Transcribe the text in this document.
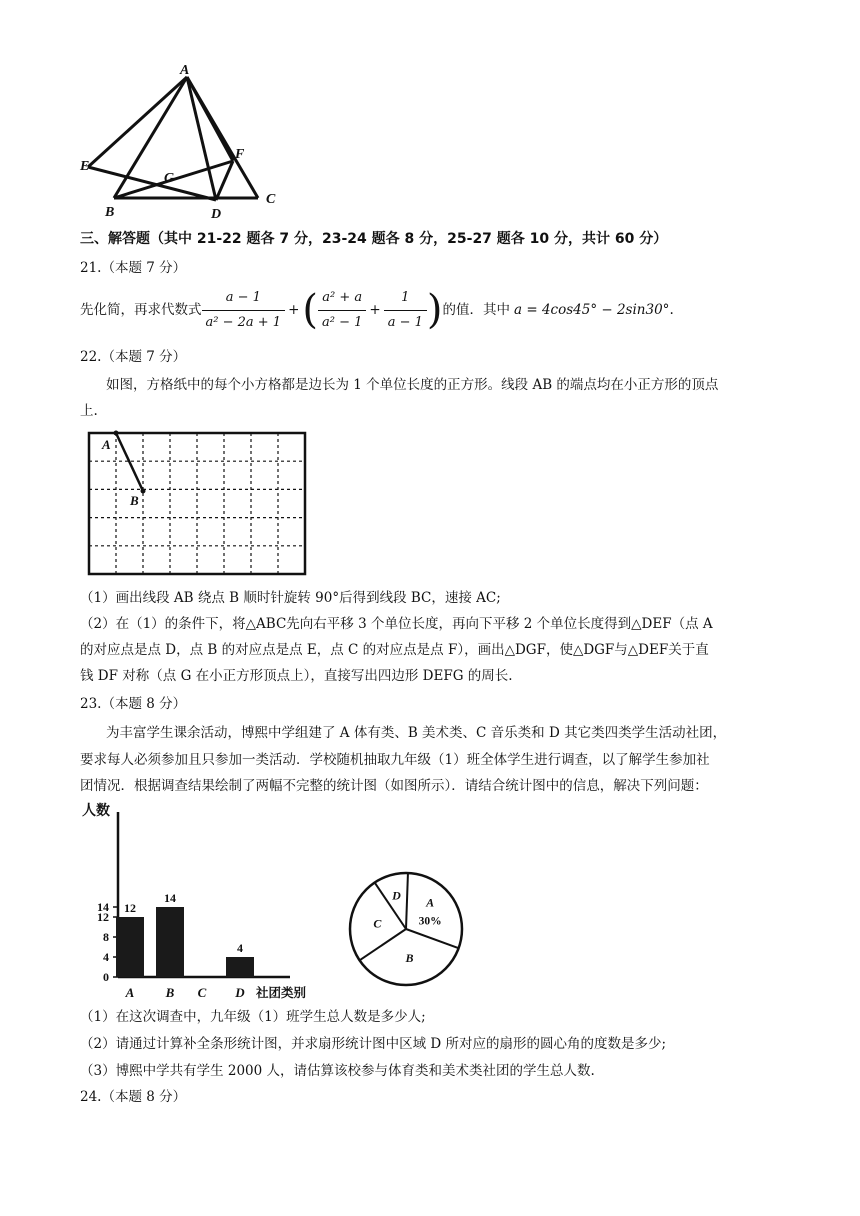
A
E
F
G
B	D
C
三、解答题（其中 21-22 题各 7 分，23-24 题各 8 分，25-27 题各 10 分，共计 60 分）
21.（本题 7 分）
先化简，再求代数式 $\frac{a - 1}{\text{a² − 2a + 1}}$ + ( $\frac{\text{a² + a}}{\text{a² − 1}} + \frac{1}{a - 1}$ ) 的值．其中 a = 4cos45° − 2sin30° .
22.（本题 7 分）
如图，方格纸中的每个小方格都是边长为 1 个单位长度的正方形。线段 AB 的端点均在小正方形的顶点
上.
A
B
（1）画出线段 AB 绕点 B 顺时针旋转 90°后得到线段 BC，速接 AC;
（2）在（1）的条件下，将△ABC先向右平移 3 个单位长度，再向下平移 2 个单位长度得到△DEF（点 A
的对应点是点 D，点 B 的对应点是点 E，点 C 的对应点是点 F），画出△DGF，使△DGF与△DEF关于直
钱 DF 对称（点 G 在小正方形顶点上），直接写出四边形 DEFG 的周长.
23.（本题 8 分）
为丰富学生课余活动，博熙中学组建了 A 体有类、B 美术类、C 音乐类和 D 其它类四类学生活动社团，
要求每人必须参加且只参加一类活动．学校随机抽取九年级（1）班全体学生进行调查，以了解学生参加社
团情况．根据调查结果绘制了两幅不完整的统计图（如图所示）．请结合统计图中的信息，解决下列问题：
人数
0
4
8
12
14 12
A
14
B C
4
D 社团类别
A
30%
B
C
D
（1）在这次调查中，九年级（1）班学生总人数是多少人;
（2）请通过计算补全条形统计图，并求扇形统计图中区域 D 所对应的扇形的圆心角的度数是多少;
（3）博熙中学共有学生 2000 人，请估算该校参与体育类和美术类社团的学生总人数.
24.（本题 8 分）
